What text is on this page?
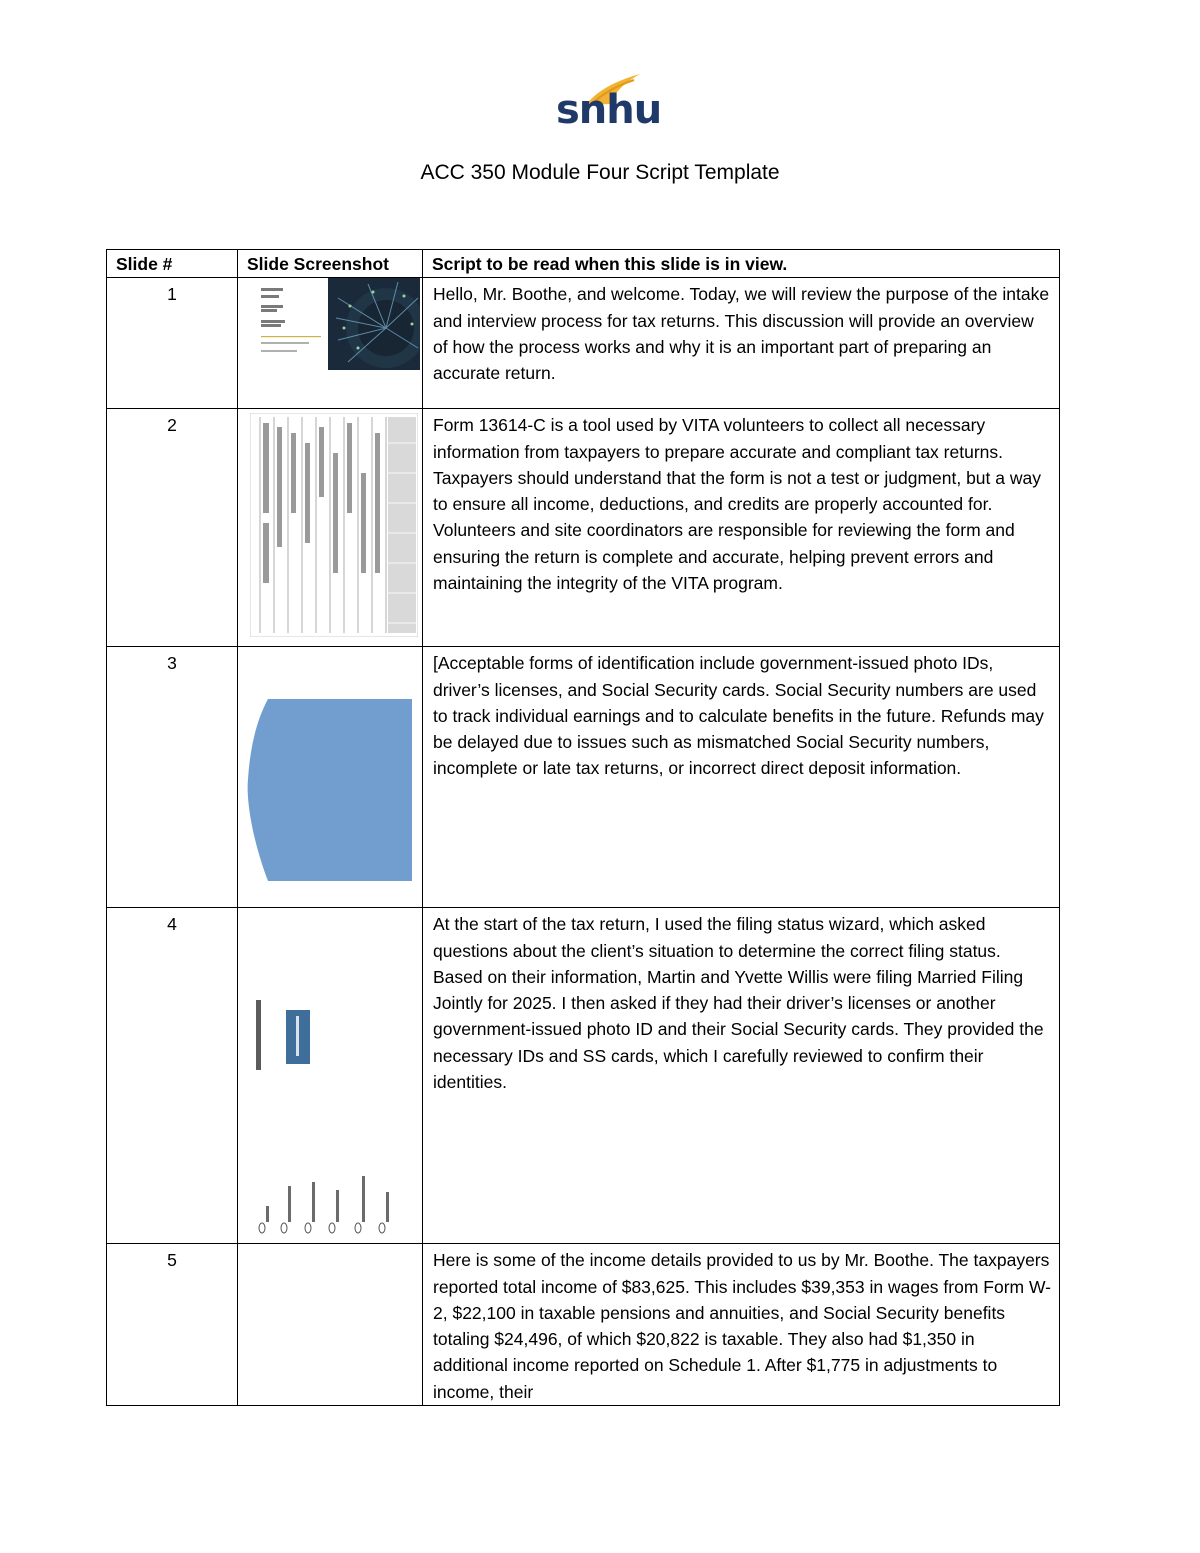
snhu
ACC 350 Module Four Script Template
Slide #	Slide Screenshot	Script to be read when this slide is in view.
1		Hello, Mr. Boothe, and welcome. Today, we will review the purpose of the intake and interview process for tax returns. This discussion will provide an overview of how the process works and why it is an important part of preparing an accurate return.
2		Form 13614-C is a tool used by VITA volunteers to collect all necessary information from taxpayers to prepare accurate and compliant tax returns. Taxpayers should understand that the form is not a test or judgment, but a way to ensure all income, deductions, and credits are properly accounted for. Volunteers and site coordinators are responsible for reviewing the form and ensuring the return is complete and accurate, helping prevent errors and maintaining the integrity of the VITA program.
3		[Acceptable forms of identification include government-issued photo IDs, driver’s licenses, and Social Security cards. Social Security numbers are used to track individual earnings and to calculate benefits in the future. Refunds may be delayed due to issues such as mismatched Social Security numbers, incomplete or late tax returns, or incorrect direct deposit information.
4		At the start of the tax return, I used the filing status wizard, which asked questions about the client’s situation to determine the correct filing status. Based on their information, Martin and Yvette Willis were filing Married Filing Jointly for 2025. I then asked if they had their driver’s licenses or another government-issued photo ID and their Social Security cards. They provided the necessary IDs and SS cards, which I carefully reviewed to confirm their identities.
5		Here is some of the income details provided to us by Mr. Boothe. The taxpayers reported total income of $83,625. This includes $39,353 in wages from Form W-2, $22,100 in taxable pensions and annuities, and Social Security benefits totaling $24,496, of which $20,822 is taxable. They also had $1,350 in additional income reported on Schedule 1. After $1,775 in adjustments to income, their
